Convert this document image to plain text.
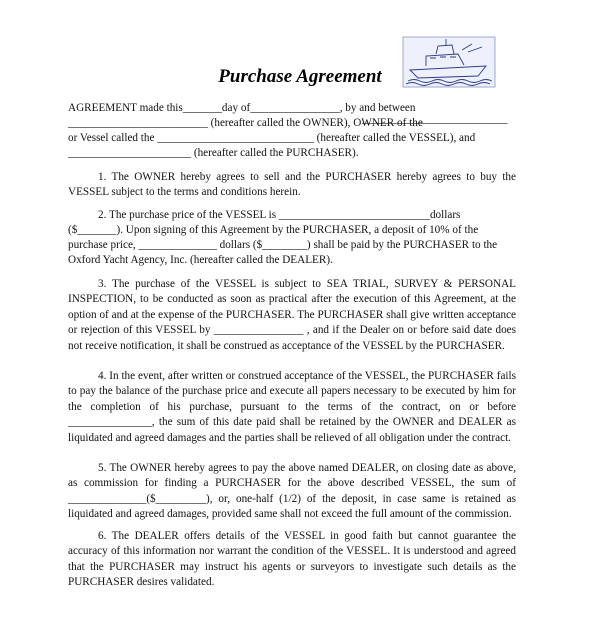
Purchase Agreement
AGREEMENT made this_______day of________________, by and between
_________________________ (hereafter called the OWNER), OWNER of the
__________________________
or Vessel called the ____________________________ (hereafter called the VESSEL), and
______________________ (hereafter called the PURCHASER).
1. The OWNER hereby agrees to sell and the PURCHASER hereby agrees to buy the VESSEL subject to the terms and conditions herein.
2. The purchase price of the VESSEL is ___________________________dollars
($_______). Upon signing of this Agreement by the PURCHASER, a deposit of 10% of the
purchase price, ______________ dollars ($________) shall be paid by the PURCHASER to the
Oxford Yacht Agency, Inc. (hereafter called the DEALER).
3. The purchase of the VESSEL is subject to SEA TRIAL, SURVEY & PERSONAL INSPECTION, to be conducted as soon as practical after the execution of this Agreement, at the option of and at the expense of the PURCHASER. The PURCHASER shall give written acceptance or rejection of this VESSEL by ________________ , and if the Dealer on or before said date does not receive notification, it shall be construed as acceptance of the VESSEL by the PURCHASER.
4. In the event, after written or construed acceptance of the VESSEL, the PURCHASER fails to pay the balance of the purchase price and execute all papers necessary to be executed by him for the completion of his purchase, pursuant to the terms of the contract, on or before _______________, the sum of this date paid shall be retained by the OWNER and DEALER as liquidated and agreed damages and the parties shall be relieved of all obligation under the contract.
5. The OWNER hereby agrees to pay the above named DEALER, on closing date as above, as commission for finding a PURCHASER for the above described VESSEL, the sum of ______________($_________), or, one-half (1/2) of the deposit, in case same is retained as liquidated and agreed damages, provided same shall not exceed the full amount of the commission.
6. The DEALER offers details of the VESSEL in good faith but cannot guarantee the accuracy of this information nor warrant the condition of the VESSEL. It is understood and agreed that the PURCHASER may instruct his agents or surveyors to investigate such details as the PURCHASER desires validated.
